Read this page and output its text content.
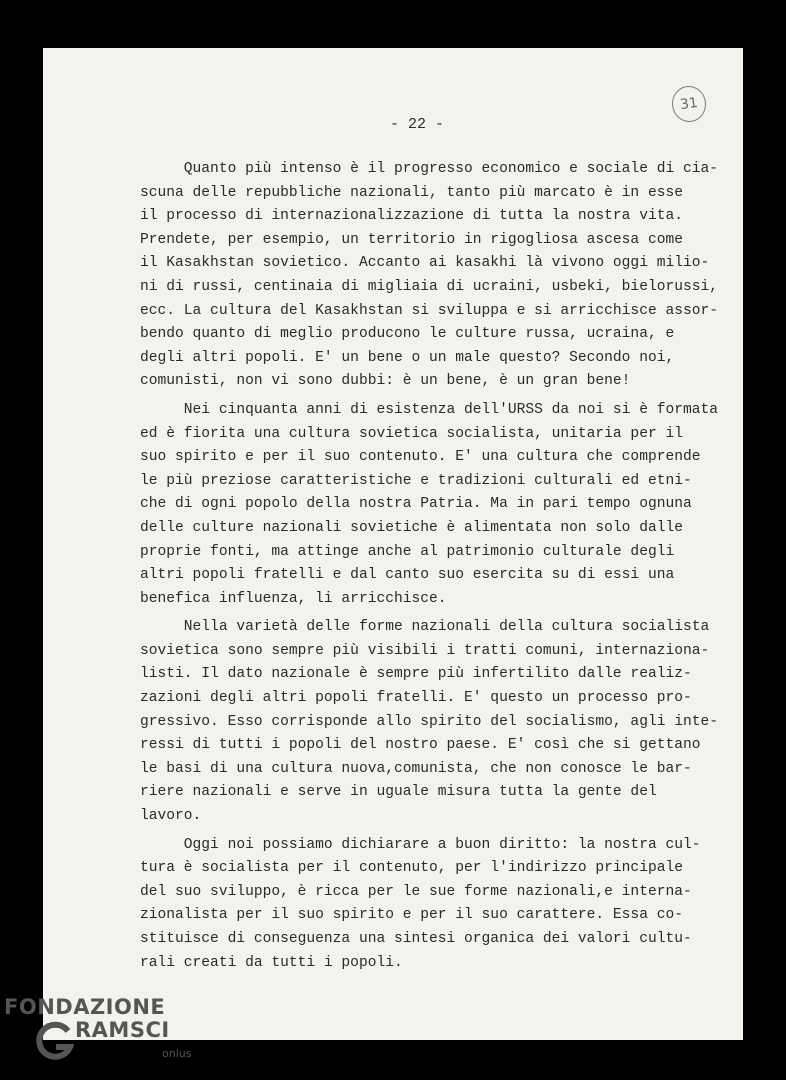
- 22 -
31
Quanto più intenso è il progresso economico e sociale di cia-
scuna delle repubbliche nazionali, tanto più marcato è in esse
il processo di internazionalizzazione di tutta la nostra vita.
Prendete, per esempio, un territorio in rigogliosa ascesa come
il Kasakhstan sovietico. Accanto ai kasakhi là vivono oggi milio-
ni di russi, centinaia di migliaia di ucraini, usbeki, bielorussi,
ecc. La cultura del Kasakhstan si sviluppa e si arricchisce assor-
bendo quanto di meglio producono le culture russa, ucraina, e
degli altri popoli. E' un bene o un male questo? Secondo noi,
comunisti, non vi sono dubbi: è un bene, è un gran bene!
Nei cinquanta anni di esistenza dell'URSS da noi si è formata
ed è fiorita una cultura sovietica socialista, unitaria per il
suo spirito e per il suo contenuto. E' una cultura che comprende
le più preziose caratteristiche e tradizioni culturali ed etni-
che di ogni popolo della nostra Patria. Ma in pari tempo ognuna
delle culture nazionali sovietiche è alimentata non solo dalle
proprie fonti, ma attinge anche al patrimonio culturale degli
altri popoli fratelli e dal canto suo esercita su di essi una
benefica influenza, li arricchisce.
Nella varietà delle forme nazionali della cultura socialista
sovietica sono sempre più visibili i tratti comuni, internaziona-
listi. Il dato nazionale è sempre più infertilito dalle realiz-
zazioni degli altri popoli fratelli. E' questo un processo pro-
gressivo. Esso corrisponde allo spirito del socialismo, agli inte-
ressi di tutti i popoli del nostro paese. E' così che si gettano
le basi di una cultura nuova,comunista, che non conosce le bar-
riere nazionali e serve in uguale misura tutta la gente del
lavoro.
Oggi noi possiamo dichiarare a buon diritto: la nostra cul-
tura è socialista per il contenuto, per l'indirizzo principale
del suo sviluppo, è ricca per le sue forme nazionali,e interna-
zionalista per il suo spirito e per il suo carattere. Essa co-
stituisce di conseguenza una sintesi organica dei valori cultu-
rali creati da tutti i popoli.
FONDAZIONE
RAMSCI
onlus
